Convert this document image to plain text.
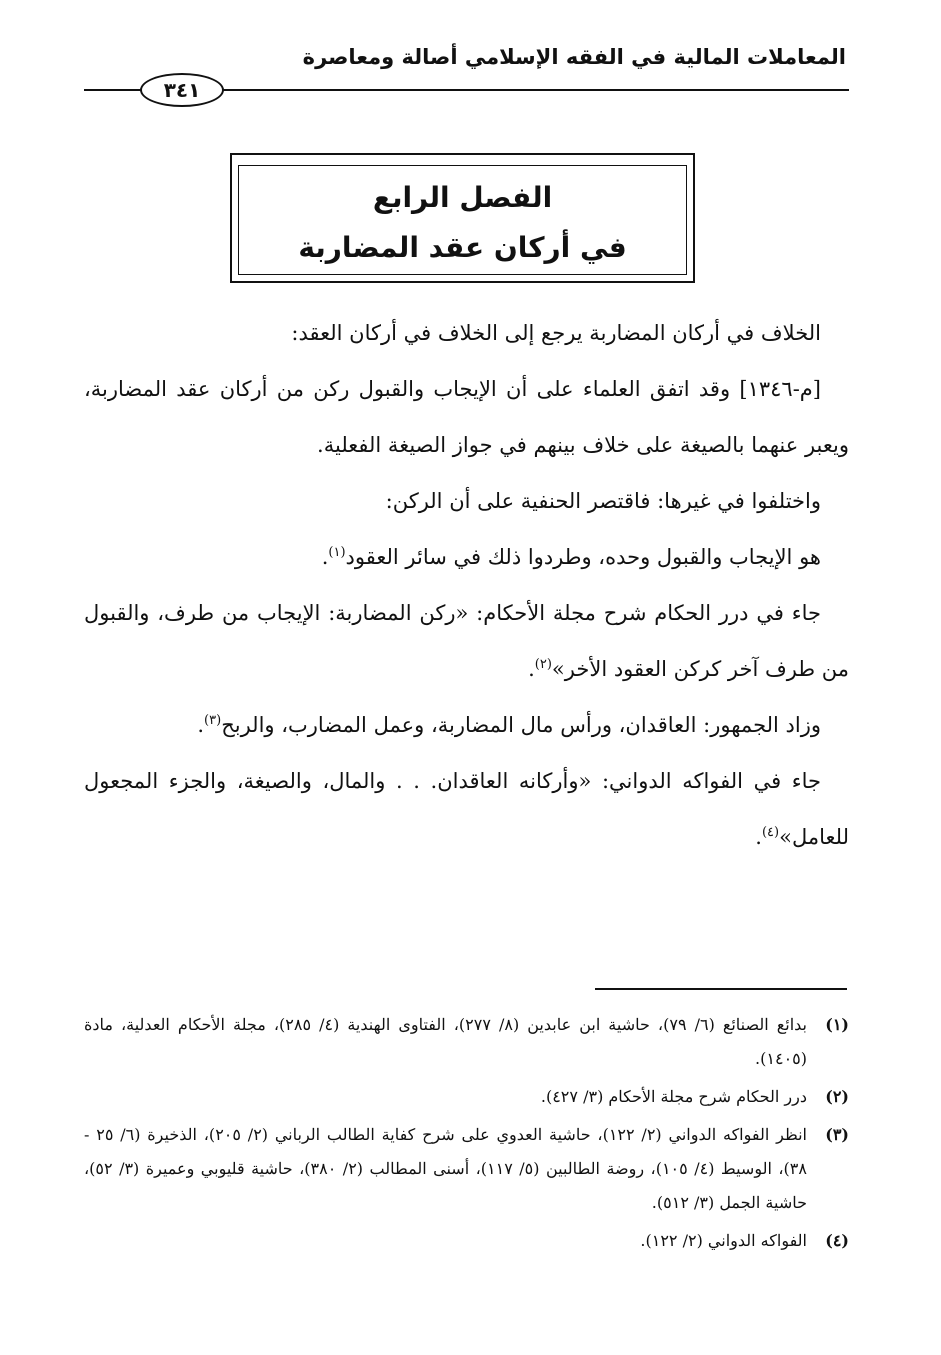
المعاملات المالية في الفقه الإسلامي أصالة ومعاصرة
٣٤١
الفصل الرابع
في أركان عقد المضاربة

الخلاف في أركان المضاربة يرجع إلى الخلاف في أركان العقد:

[م-١٣٤٦] وقد اتفق العلماء على أن الإيجاب والقبول ركن من أركان عقد المضاربة، ويعبر عنهما بالصيغة على خلاف بينهم في جواز الصيغة الفعلية.

واختلفوا في غيرها: فاقتصر الحنفية على أن الركن:

هو الإيجاب والقبول وحده، وطردوا ذلك في سائر العقود$^{(١)}$.

جاء في درر الحكام شرح مجلة الأحكام: «ركن المضاربة: الإيجاب من طرف، والقبول من طرف آخر كركن العقود الأخر»$^{(٢)}$.

وزاد الجمهور: العاقدان، ورأس مال المضاربة، وعمل المضارب، والربح$^{(٣)}$.

جاء في الفواكه الدواني: «وأركانه العاقدان. . . والمال، والصيغة، والجزء المجعول للعامل»$^{(٤)}$.

(١)
بدائع الصنائع (٦/ ٧٩)، حاشية ابن عابدين (٨/ ٢٧٧)، الفتاوى الهندية (٤/ ٢٨٥)، مجلة الأحكام العدلية، مادة (١٤٠٥).
(٢)
درر الحكام شرح مجلة الأحكام (٣/ ٤٢٧).
(٣)
انظر الفواكه الدواني (٢/ ١٢٢)، حاشية العدوي على شرح كفاية الطالب الرباني (٢/ ٢٠٥)، الذخيرة (٦/ ٢٥ - ٣٨)، الوسيط (٤/ ١٠٥)، روضة الطالبين (٥/ ١١٧)، أسنى المطالب (٢/ ٣٨٠)، حاشية قليوبي وعميرة (٣/ ٥٢)، حاشية الجمل (٣/ ٥١٢).
(٤)
الفواكه الدواني (٢/ ١٢٢).
